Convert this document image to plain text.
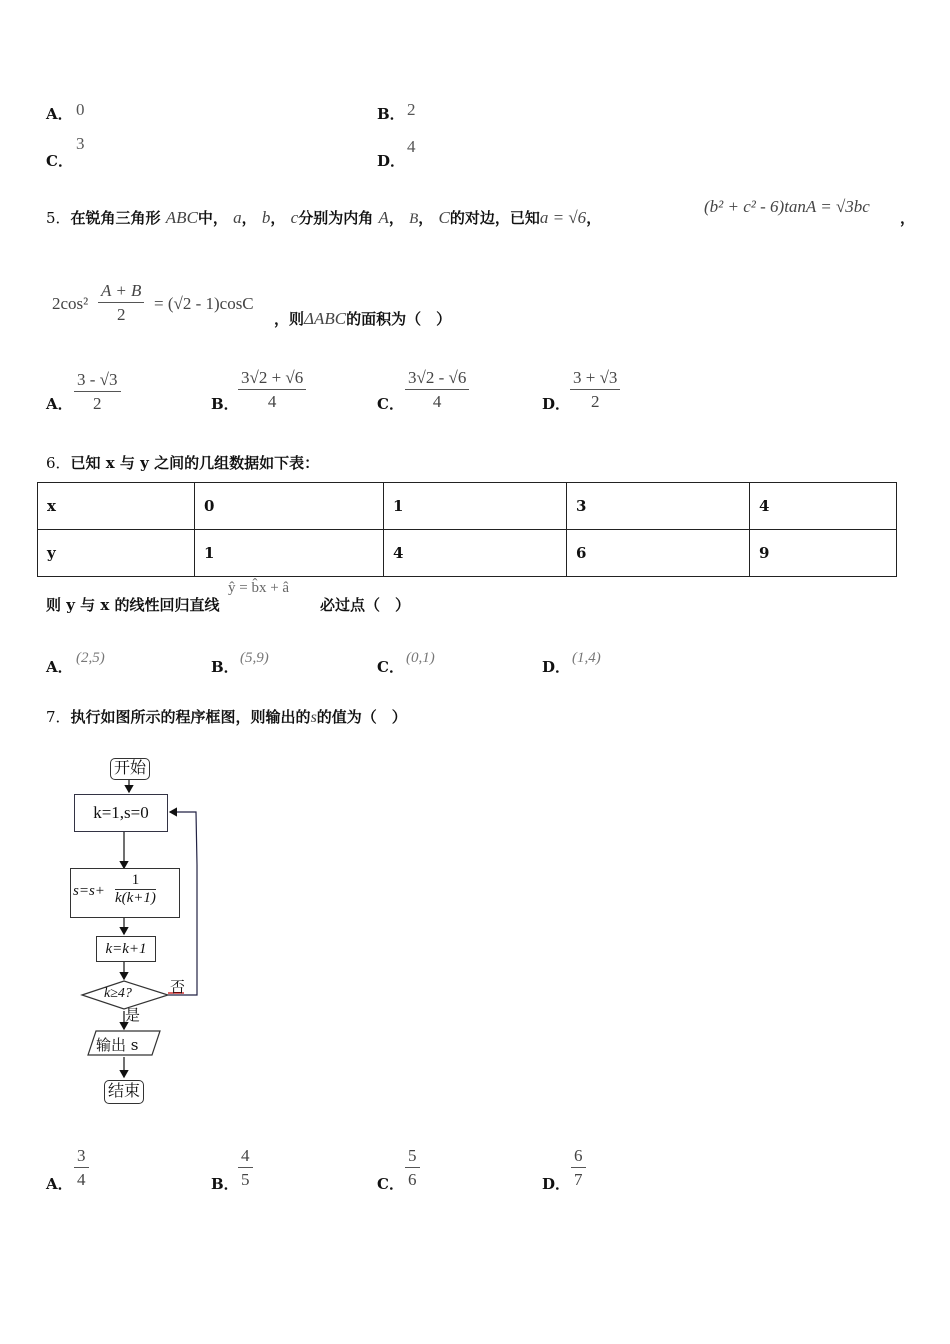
A． 0	B． 2
C．
3
D．
4
5．在锐角三角形 ABC中， a， b， c分别为内角 A， B， C的对边，已知a = √6，
(b² + c² - 6)tanA = √3bc
，
$2\cos^2 \frac{A + B}{2} = (√2 - 1)\cos C$
，则ΔABC的面积为（　）
A． $\frac{3 - √3}{2}$	B． $\frac{3√2 + √6}{4}$	C． $\frac{3√2 - √6}{4}$	D． $\frac{3 + √3}{2}$
6．已知 x 与 y 之间的几组数据如下表：
x	0	1	3	4
y	1	4	6	9
则 y 与 x 的线性回归直线
ŷ = b̂x + â
必过点（　）
A． (2,5)	B． (5,9)	C． (0,1)	D． (1,4)
7．执行如图所示的程序框图，则输出的s的值为（　）
开始
k=1,s=0
$s=s+ \frac{1}{k(k+1)}$
k=k+1
k≥4?	否
是
输出 s
结束
A． $\frac{3}{4}$	B． $\frac{4}{5}$	C． $\frac{5}{6}$	D． $\frac{6}{7}$
